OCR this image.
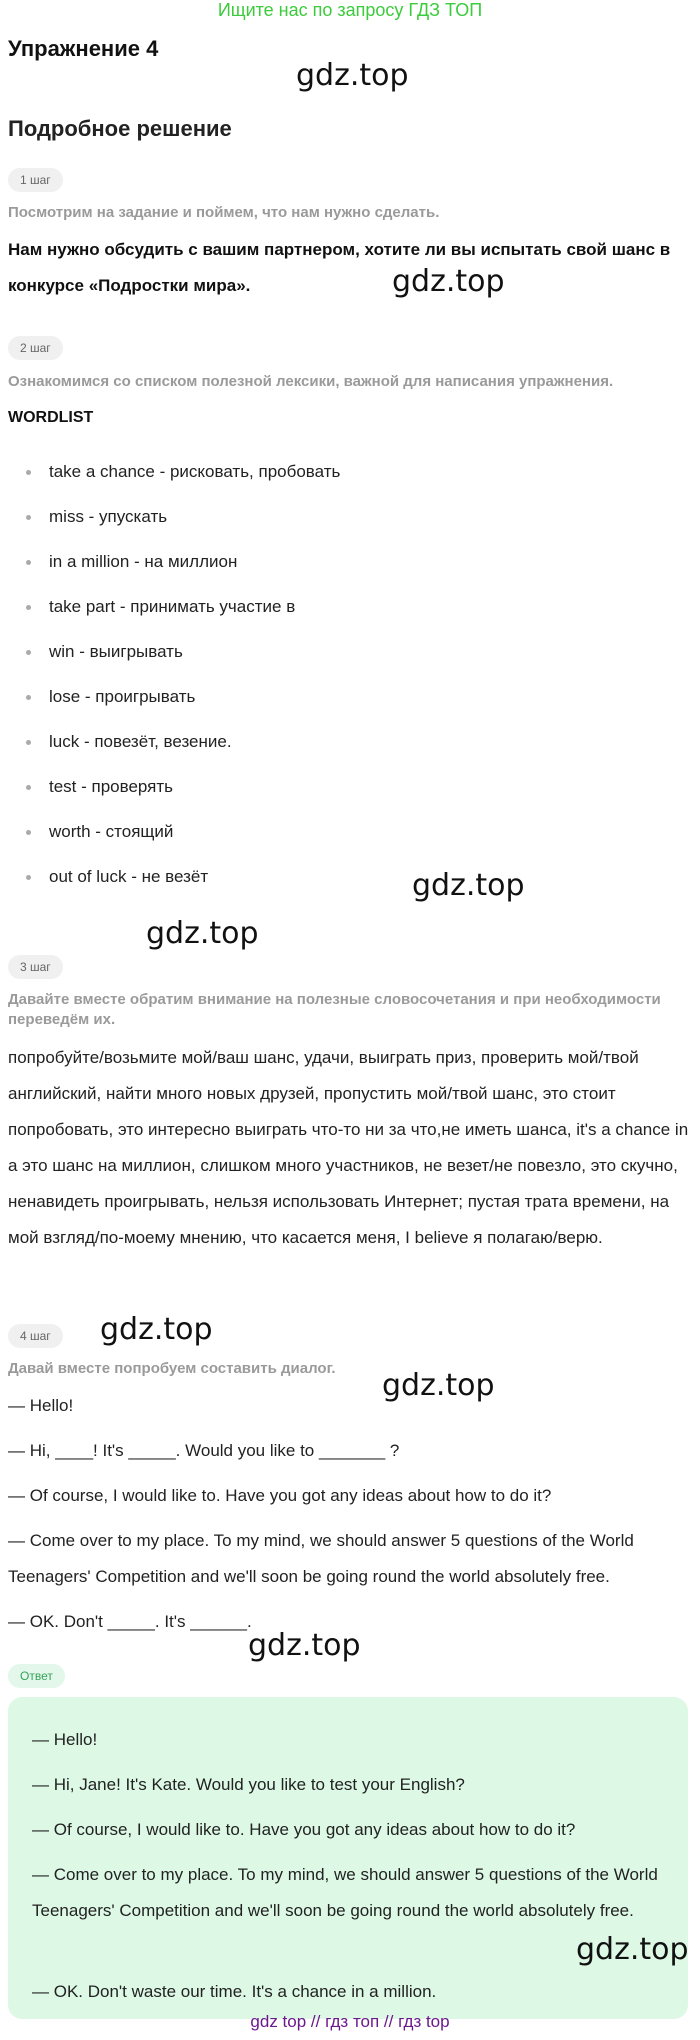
Ищите нас по запросу ГДЗ ТОП
Упражнение 4
gdz.top
Подробное решение
1 шаг
Посмотрим на задание и поймем, что нам нужно сделать.
Нам нужно обсудить с вашим партнером, хотите ли вы испытать свой шанс в конкурсе «Подростки мира».	gdz.top
2 шаг
Ознакомимся со списком полезной лексики, важной для написания упражнения.
WORDLIST
take a chance - рисковать, пробовать
miss - упускать
in a million - на миллион
take part - принимать участие в
win - выигрывать
lose - проигрывать
luck - повезёт, везение.
test - проверять
worth - стоящий
out of luck - не везёт	gdz.top
gdz.top
3 шаг
Давайте вместе обратим внимание на полезные словосочетания и при необходимости переведём их.
попробуйте/возьмите мой/ваш шанс, удачи, выиграть приз, проверить мой/твой английский, найти много новых друзей, пропустить мой/твой шанс, это стоит попробовать, это интересно выиграть что-то ни за что,не иметь шанса, it's a chance in a это шанс на миллион, слишком много участников, не везет/не повезло, это скучно, ненавидеть проигрывать, нельзя использовать Интернет; пустая трата времени, на мой взгляд/по-моему мнению, что касается меня, I believe я полагаю/верю.
4 шаг	gdz.top
Давай вместе попробуем составить диалог. gdz.top
— Hello!
— Hi, ____! It's _____. Would you like to _______ ?
— Of course, I would like to. Have you got any ideas about how to do it?
— Come over to my place. To my mind, we should answer 5 questions of the World Teenagers' Competition and we'll soon be going round the world absolutely free.
— OK. Don't _____. It's ______.
gdz.top
Ответ
— Hello!
— Hi, Jane! It's Kate. Would you like to test your English?
— Of course, I would like to. Have you got any ideas about how to do it?
— Come over to my place. To my mind, we should answer 5 questions of the World Teenagers' Competition and we'll soon be going round the world absolutely free.
— OK. Don't waste our time. It's a chance in a million.
gdz.top
gdz top // гдз топ // гдз top
